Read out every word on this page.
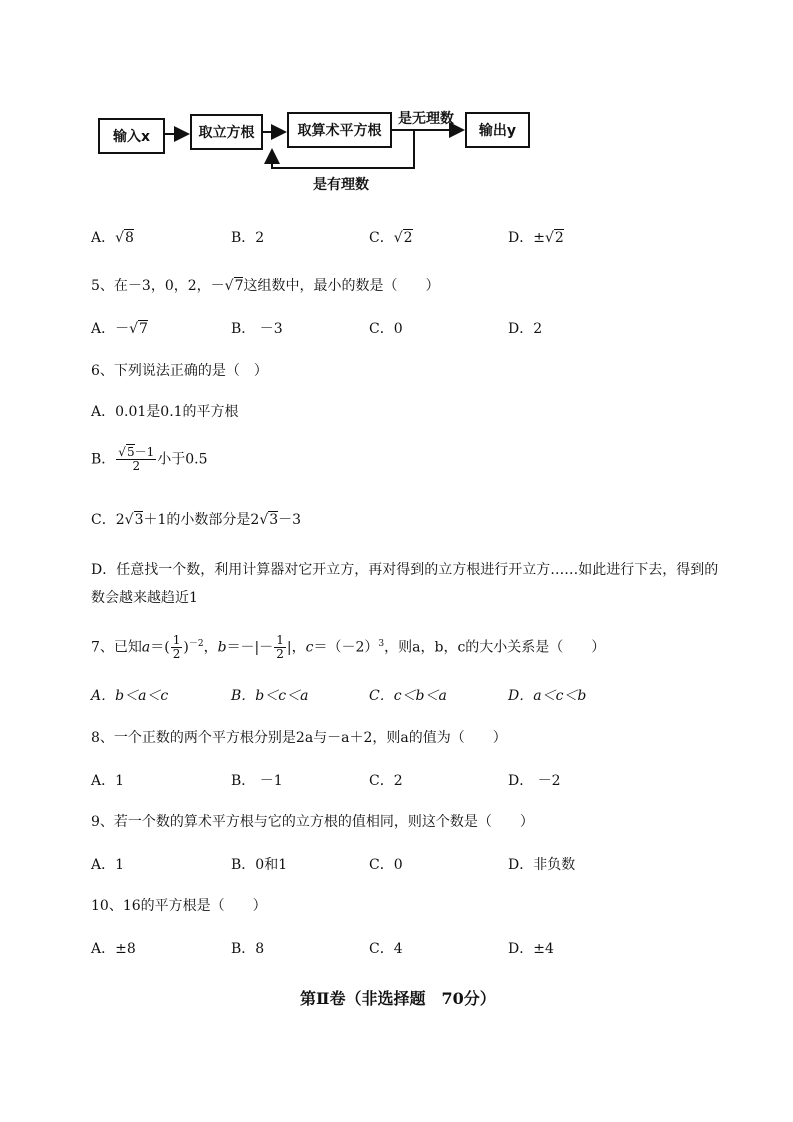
输入x	取立方根	取算术平方根	输出y
是无理数
是有理数
A．√8	B．2	C．√2	D．±√2
5、在－3，0，2，－√7这组数中，最小的数是（　　）
A．－√7	B． －3	C．0	D．2
6、下列说法正确的是（　）
A．0.01是0.1的平方根
B． $\frac{√5-1}{2}$ 小于0.5
C．2√3＋1的小数部分是2√3－3
D．任意找一个数，利用计算器对它开立方，再对得到的立方根进行开立方……如此进行下去，得到的
数会越来越趋近1
7、已知$a=( \frac{1}{2} )^{-2}$，$b=-|- \frac{1}{2}$ |，$c=(-2)^3$，则a，b，c的大小关系是（　　）
A．b＜a＜c	B．b＜c＜a	C．c＜b＜a	D．a＜c＜b
8、一个正数的两个平方根分别是2a与－a＋2，则a的值为（　　）
A．1	B． －1	C．2	D． －2
9、若一个数的算术平方根与它的立方根的值相同，则这个数是（　　）
A．1	B．0和1	C．0	D．非负数
10、16的平方根是（　　）
A．±8	B．8	C．4	D．±4
第Ⅱ卷（非选择题　70分）
